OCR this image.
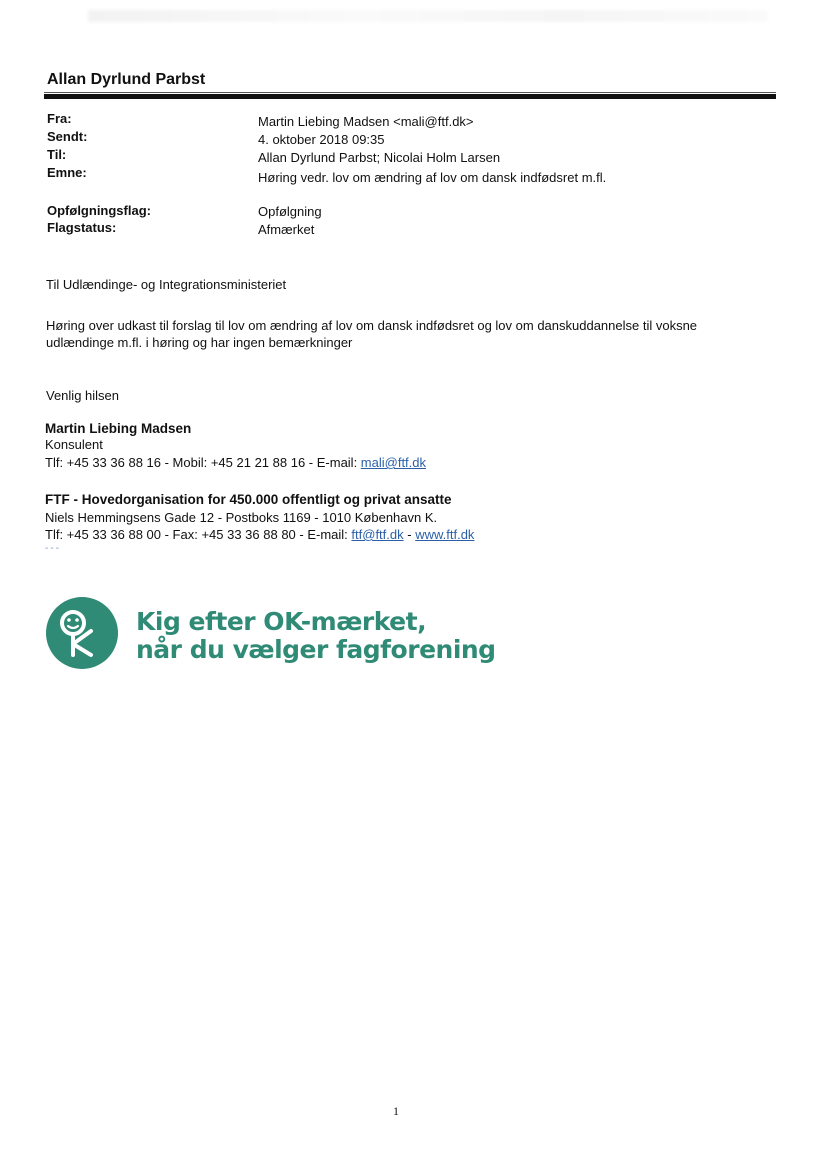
Allan Dyrlund Parbst
Fra:	Martin Liebing Madsen <mali@ftf.dk>
Sendt:	4. oktober 2018 09:35
Til:	Allan Dyrlund Parbst; Nicolai Holm Larsen
Emne:	Høring vedr. lov om ændring af lov om dansk indfødsret m.fl.
Opfølgningsflag:	Opfølgning
Flagstatus:	Afmærket
Til Udlændinge- og Integrationsministeriet
Høring over udkast til forslag til lov om ændring af lov om dansk indfødsret og lov om danskuddannelse til voksne
udlændinge m.fl. i høring og har ingen bemærkninger
Venlig hilsen
Martin Liebing Madsen
Konsulent
Tlf: +45 33 36 88 16 - Mobil: +45 21 21 88 16 - E-mail: mali@ftf.dk
FTF - Hovedorganisation for 450.000 offentligt og privat ansatte
Niels Hemmingsens Gade 12 - Postboks 1169 - 1010 København K.
Tlf: +45 33 36 88 00 - Fax: +45 33 36 88 80 - E-mail: ftf@ftf.dk - www.ftf.dk
---
Kig efter OK-mærket,
når du vælger fagforening
1
